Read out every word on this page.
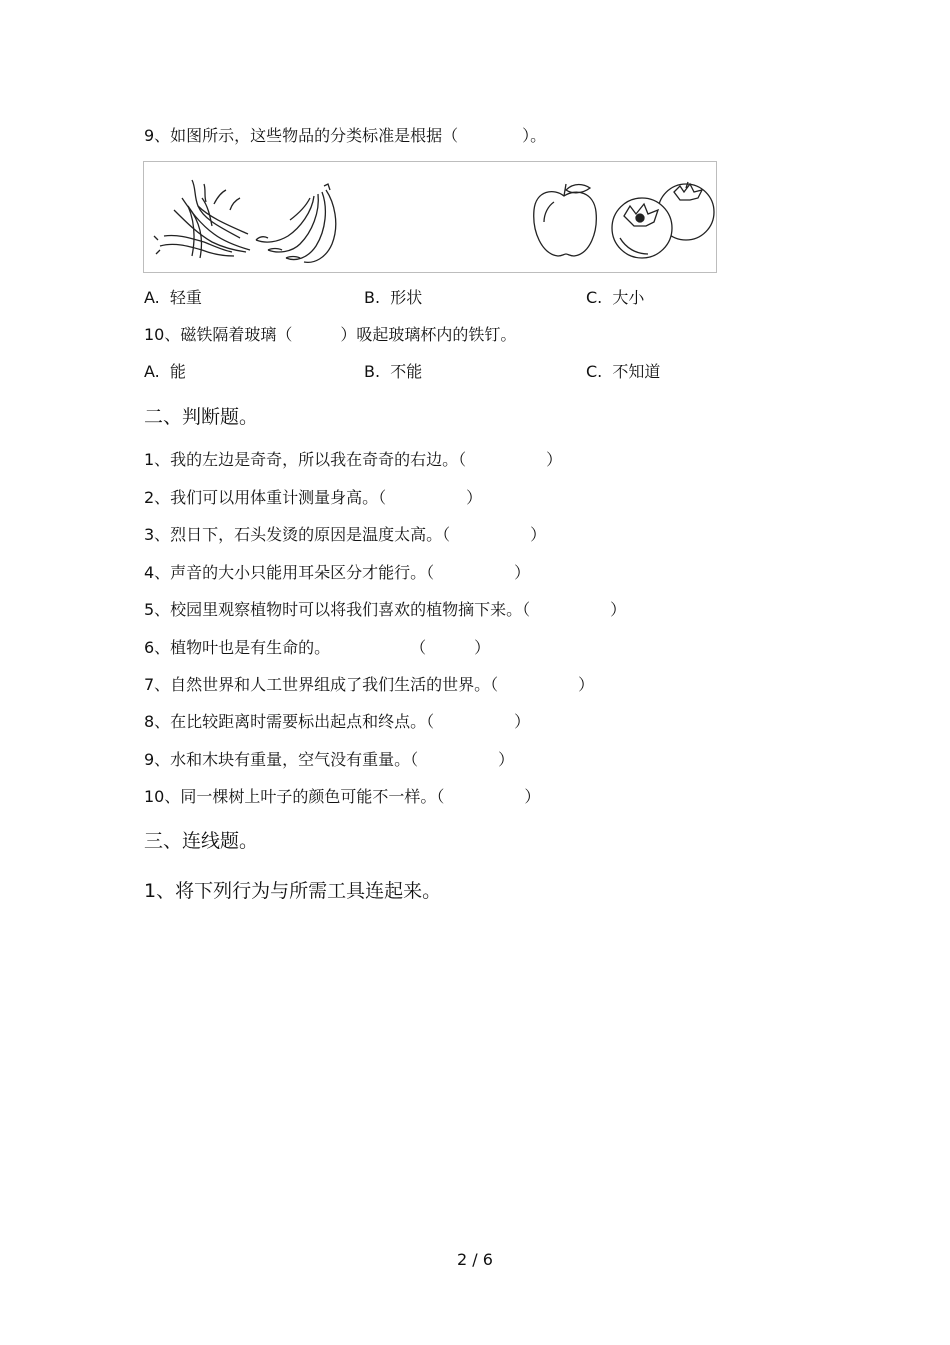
9、如图所示，这些物品的分类标准是根据（　　　　）。
A.  轻重	B.  形状	C.  大小
10、磁铁隔着玻璃（　　　）吸起玻璃杯内的铁钉。
A.  能	B.  不能	C.  不知道
二、判断题。
1、我的左边是奇奇，所以我在奇奇的右边。（　　　　　）
2、我们可以用体重计测量身高。（　　　　　）
3、烈日下，石头发烫的原因是温度太高。（　　　　　）
4、声音的大小只能用耳朵区分才能行。（　　　　　）
5、校园里观察植物时可以将我们喜欢的植物摘下来。（　　　　　）
6、植物叶也是有生命的。　　　　　　（　　　）
7、自然世界和人工世界组成了我们生活的世界。（　　　　　）
8、在比较距离时需要标出起点和终点。（　　　　　）
9、水和木块有重量，空气没有重量。（　　　　　）
10、同一棵树上叶子的颜色可能不一样。（　　　　　）
三、连线题。
1、将下列行为与所需工具连起来。
2 / 6
